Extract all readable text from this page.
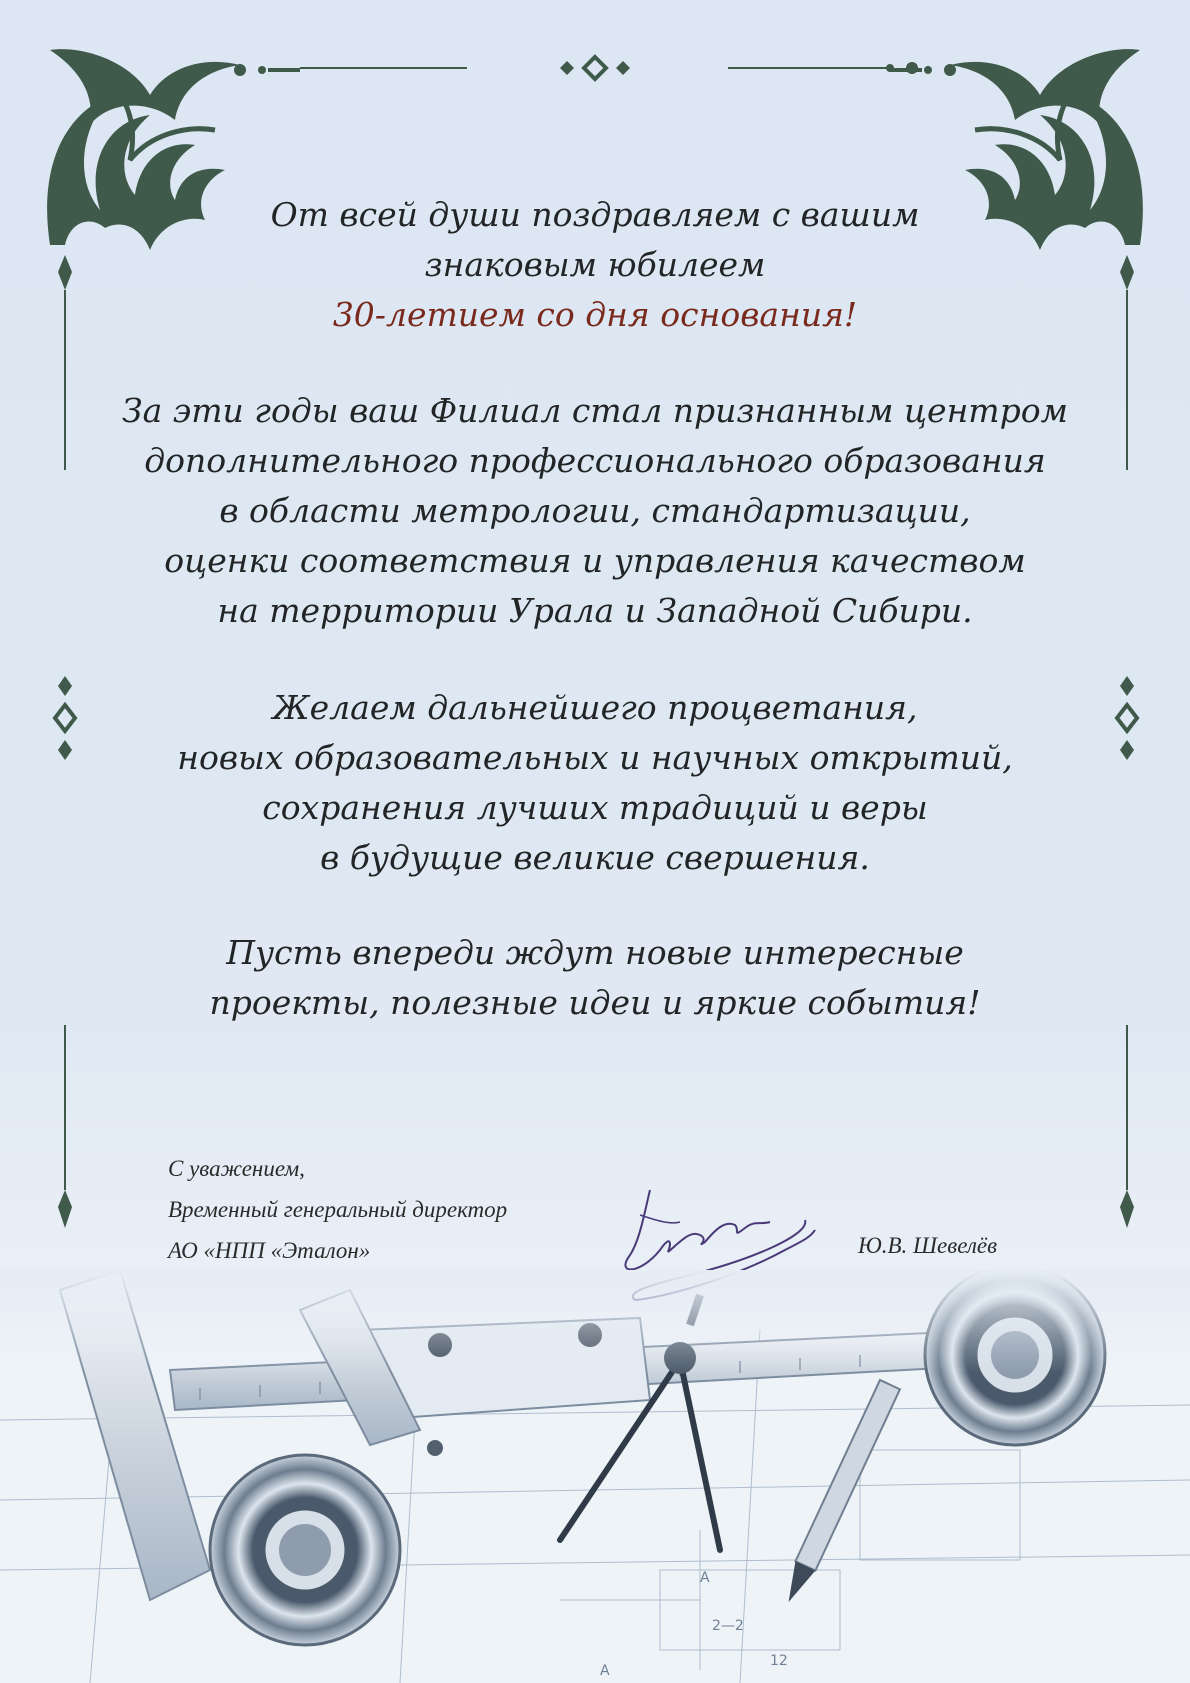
От всей души поздравляем с вашим
знаковым юбилеем
30-летием со дня основания!
За эти годы ваш Филиал стал признанным центром
дополнительного профессионального образования
в области метрологии, стандартизации,
оценки соответствия и управления качеством
на территории Урала и Западной Сибири.
Желаем дальнейшего процветания,
новых образовательных и научных открытий,
сохранения лучших традиций и веры
в будущие великие свершения.
Пусть впереди ждут новые интересные
проекты, полезные идеи и яркие события!
С уважением,
Временный генеральный директор
АО «НПП «Эталон»	Ю.В. Шевелёв
